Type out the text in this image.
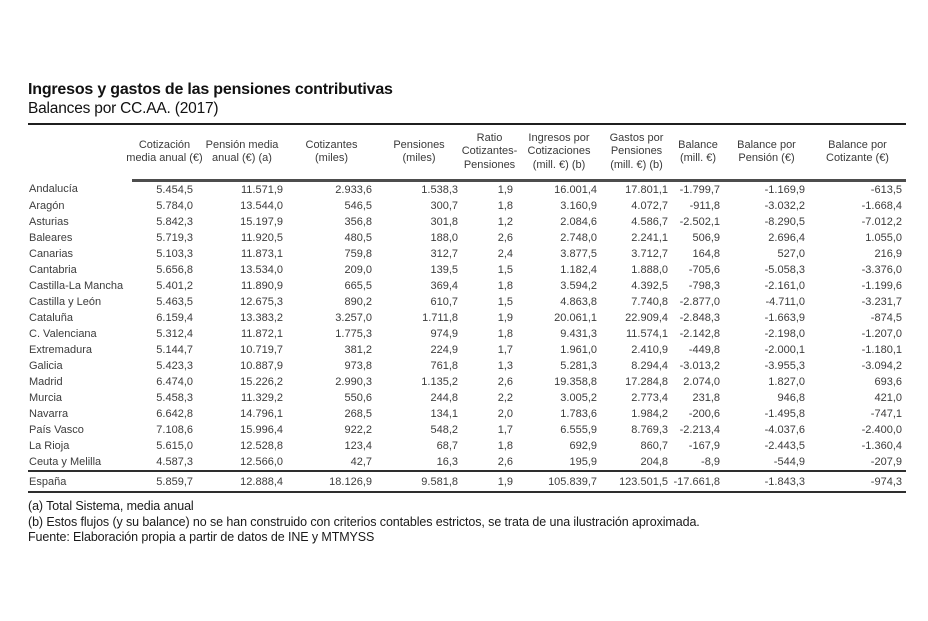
Ingresos y gastos de las pensiones contributivas
Balances por CC.AA. (2017)

Cotización
media anual (€)

Pensión media
anual (€) (a)

Cotizantes
(miles)

Pensiones
(miles)

Ratio
Cotizantes-
Pensiones

Ingresos por
Cotizaciones
(mill. €) (b)

Gastos por
Pensiones
(mill. €) (b)

Balance
(mill. €)

Balance por
Pensión (€)

Balance por
Cotizante (€)

Andalucía	5.454,5	11.571,9	2.933,6	1.538,3	1,9	16.001,4	17.801,1	-1.799,7	-1.169,9	-613,5
Aragón	5.784,0	13.544,0	546,5	300,7	1,8	3.160,9	4.072,7	-911,8	-3.032,2	-1.668,4
Asturias	5.842,3	15.197,9	356,8	301,8	1,2	2.084,6	4.586,7	-2.502,1	-8.290,5	-7.012,2
Baleares	5.719,3	11.920,5	480,5	188,0	2,6	2.748,0	2.241,1	506,9	2.696,4	1.055,0
Canarias	5.103,3	11.873,1	759,8	312,7	2,4	3.877,5	3.712,7	164,8	527,0	216,9
Cantabria	5.656,8	13.534,0	209,0	139,5	1,5	1.182,4	1.888,0	-705,6	-5.058,3	-3.376,0
Castilla-La Mancha	5.401,2	11.890,9	665,5	369,4	1,8	3.594,2	4.392,5	-798,3	-2.161,0	-1.199,6
Castilla y León	5.463,5	12.675,3	890,2	610,7	1,5	4.863,8	7.740,8	-2.877,0	-4.711,0	-3.231,7
Cataluña	6.159,4	13.383,2	3.257,0	1.711,8	1,9	20.061,1	22.909,4	-2.848,3	-1.663,9	-874,5
C. Valenciana	5.312,4	11.872,1	1.775,3	974,9	1,8	9.431,3	11.574,1	-2.142,8	-2.198,0	-1.207,0
Extremadura	5.144,7	10.719,7	381,2	224,9	1,7	1.961,0	2.410,9	-449,8	-2.000,1	-1.180,1
Galicia	5.423,3	10.887,9	973,8	761,8	1,3	5.281,3	8.294,4	-3.013,2	-3.955,3	-3.094,2
Madrid	6.474,0	15.226,2	2.990,3	1.135,2	2,6	19.358,8	17.284,8	2.074,0	1.827,0	693,6
Murcia	5.458,3	11.329,2	550,6	244,8	2,2	3.005,2	2.773,4	231,8	946,8	421,0
Navarra	6.642,8	14.796,1	268,5	134,1	2,0	1.783,6	1.984,2	-200,6	-1.495,8	-747,1
País Vasco	7.108,6	15.996,4	922,2	548,2	1,7	6.555,9	8.769,3	-2.213,4	-4.037,6	-2.400,0
La Rioja	5.615,0	12.528,8	123,4	68,7	1,8	692,9	860,7	-167,9	-2.443,5	-1.360,4
Ceuta y Melilla	4.587,3	12.566,0	42,7	16,3	2,6	195,9	204,8	-8,9	-544,9	-207,9
España	5.859,7	12.888,4	18.126,9	9.581,8	1,9	105.839,7	123.501,5	-17.661,8	-1.843,3	-974,3
(a) Total Sistema, media anual
(b) Estos flujos (y su balance) no se han construido con criterios contables estrictos, se trata de una ilustración aproximada.
Fuente: Elaboración propia a partir de datos de INE y MTMYSS
